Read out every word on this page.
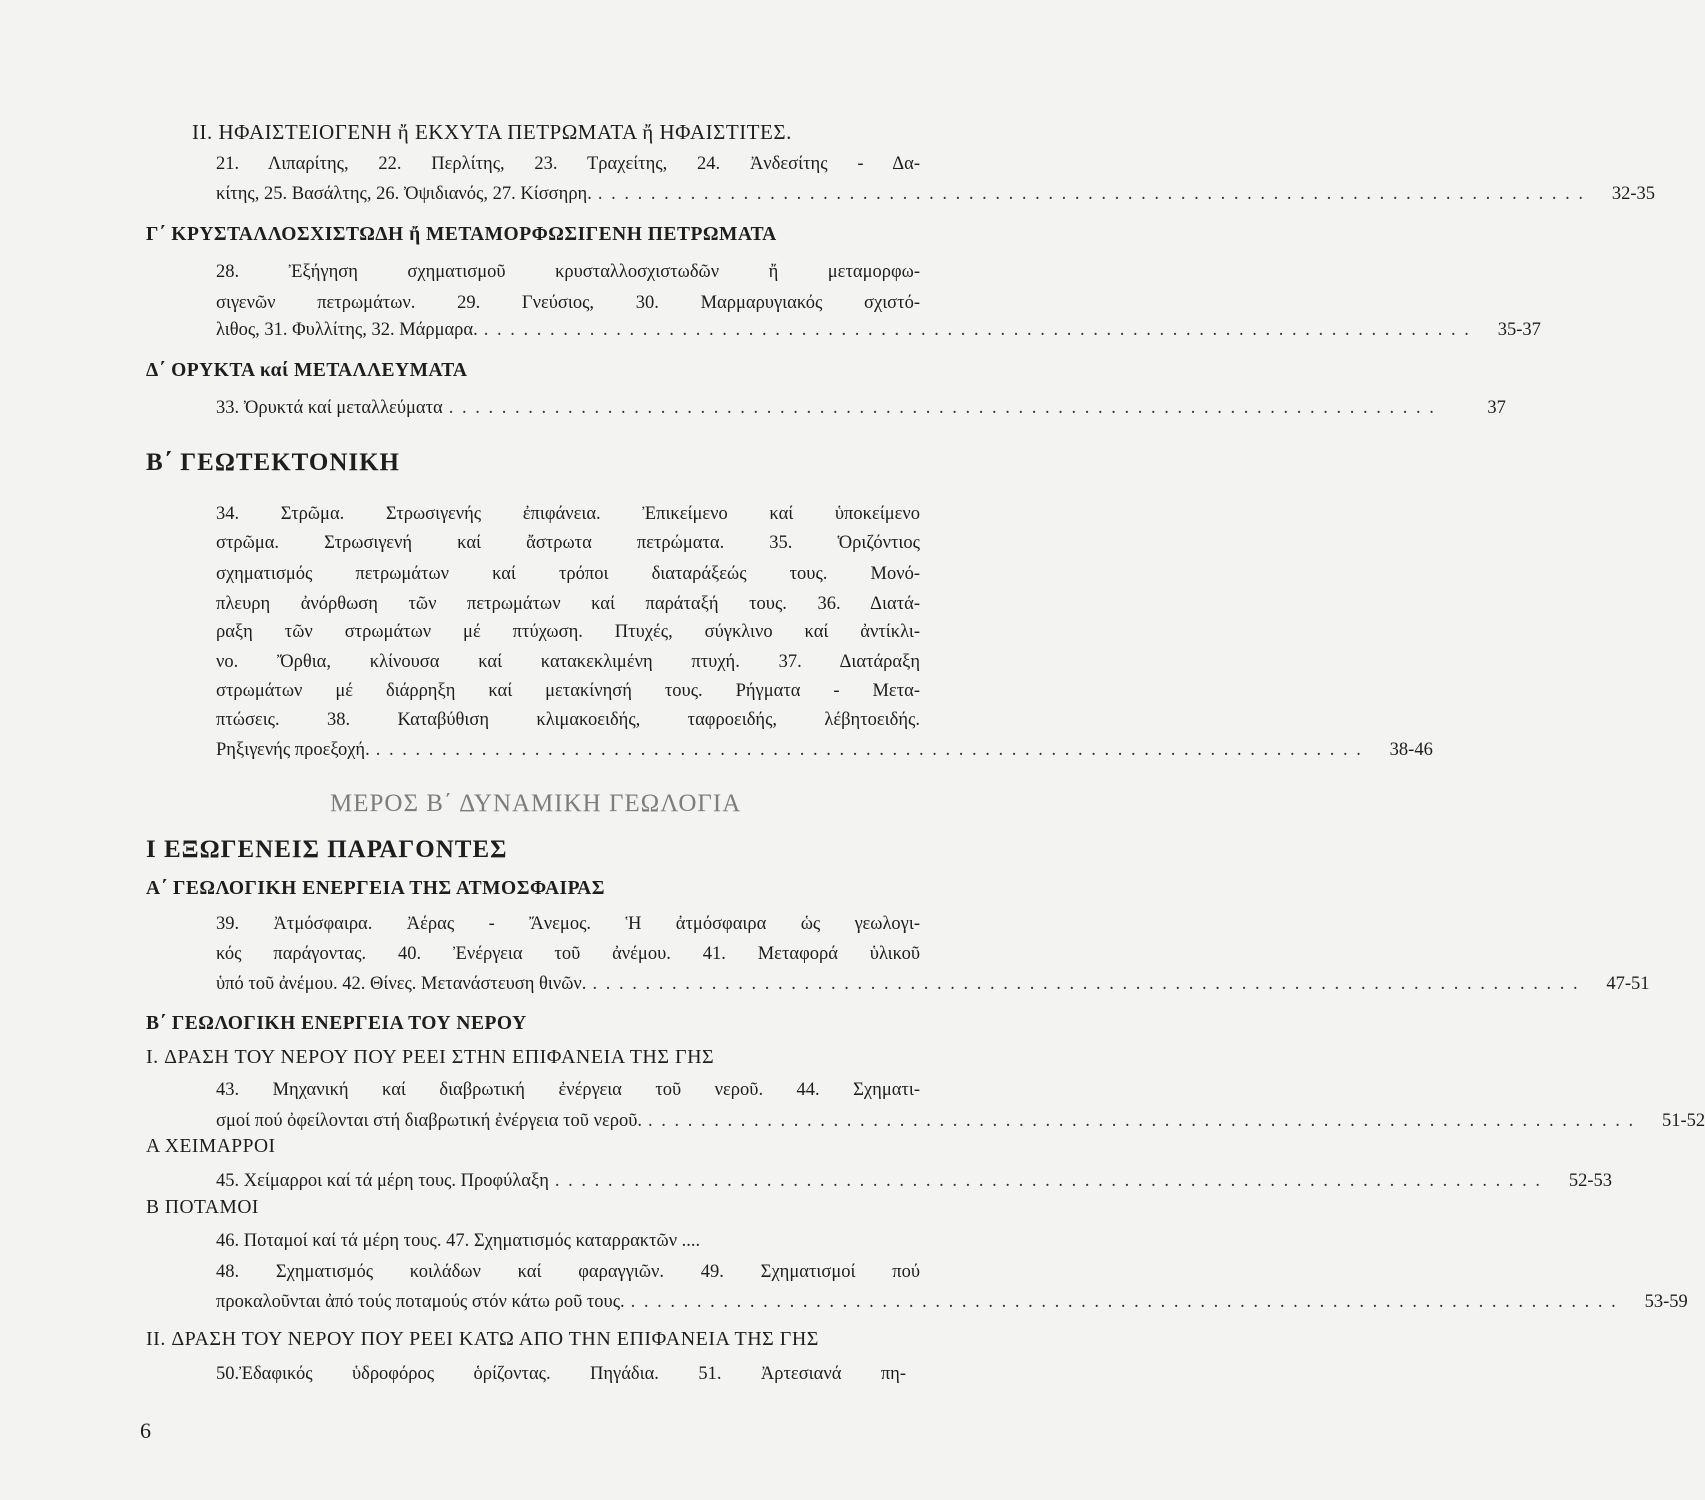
ΜΕΡΟΣ Β΄ ΔΥΝΑΜΙΚΗ ΓΕΩΛΟΓΙΑ
II. ΗΦΑΙΣΤΕΙΟΓΕΝΗ ἤ ΕΚΧΥΤΑ ΠΕΤΡΩΜΑΤΑ ἤ ΗΦΑΙΣΤΙΤΕΣ.
21. Λιπαρίτης, 22. Περλίτης, 23. Τραχείτης, 24. Ἀνδεσίτης - Δα-
κίτης, 25. Βασάλτης, 26. Ὀψιδιανός, 27. Κίσσηρη. . . . . . . . . . . . . . . . . . . . . . . . . . . . . . . . . . . . . . . . . . . . . . . . . . . . . . . . . . . . . . . . . . . . . . . . . . . .	32-35
Γ΄ ΚΡΥΣΤΑΛΛΟΣΧΙΣΤΩΔΗ ἤ ΜΕΤΑΜΟΡΦΩΣΙΓΕΝΗ ΠΕΤΡΩΜΑΤΑ
28. Ἐξήγηση σχηματισμοῦ κρυσταλλοσχιστωδῶν ἤ μεταμορφω-
σιγενῶν πετρωμάτων. 29. Γνεύσιος, 30. Μαρμαρυγιακός σχιστό-
λιθος, 31. Φυλλίτης, 32. Μάρμαρα. . . . . . . . . . . . . . . . . . . . . . . . . . . . . . . . . . . . . . . . . . . . . . . . . . . . . . . . . . . . . . . . . . . . . . . . . . . .	35-37
Δ΄ ΟΡΥΚΤΑ καί ΜΕΤΑΛΛΕΥΜΑΤΑ
33. Ὀρυκτά καί μεταλλεύματα . . . . . . . . . . . . . . . . . . . . . . . . . . . . . . . . . . . . . . . . . . . . . . . . . . . . . . . . . . . . . . . . . . . . . . . . . . .	37
Β΄ ΓΕΩΤΕΚΤΟΝΙΚΗ
34. Στρῶμα. Στρωσιγενής ἐπιφάνεια. Ἐπικείμενο καί ὑποκείμενο
στρῶμα. Στρωσιγενή καί ἄστρωτα πετρώματα. 35. Ὁριζόντιος
σχηματισμός πετρωμάτων καί τρόποι διαταράξεώς τους. Μονό-
πλευρη ἀνόρθωση τῶν πετρωμάτων καί παράταξή τους. 36. Διατά-
ραξη τῶν στρωμάτων μέ πτύχωση. Πτυχές, σύγκλινο καί ἀντίκλι-
νο. Ὄρθια, κλίνουσα καί κατακεκλιμένη πτυχή. 37. Διατάραξη
στρωμάτων μέ διάρρηξη καί μετακίνησή τους. Ρήγματα - Μετα-
πτώσεις. 38. Καταβύθιση κλιμακοειδής, ταφροειδής, λέβητοειδής.
Ρηξιγενής προεξοχή. . . . . . . . . . . . . . . . . . . . . . . . . . . . . . . . . . . . . . . . . . . . . . . . . . . . . . . . . . . . . . . . . . . . . . . . . . . .	38-46
I ΕΞΩΓΕΝΕΙΣ ΠΑΡΑΓΟΝΤΕΣ
Α΄ ΓΕΩΛΟΓΙΚΗ ΕΝΕΡΓΕΙΑ ΤΗΣ ΑΤΜΟΣΦΑΙΡΑΣ
39. Ἀτμόσφαιρα. Ἀέρας - Ἄνεμος. Ἡ ἀτμόσφαιρα ὡς γεωλογι-
κός παράγοντας. 40. Ἐνέργεια τοῦ ἀνέμου. 41. Μεταφορά ὑλικοῦ
ὑπό τοῦ ἀνέμου. 42. Θίνες. Μετανάστευση θινῶν. . . . . . . . . . . . . . . . . . . . . . . . . . . . . . . . . . . . . . . . . . . . . . . . . . . . . . . . . . . . . . . . . . . . . . . . . . . .	47-51
Β΄ ΓΕΩΛΟΓΙΚΗ ΕΝΕΡΓΕΙΑ ΤΟΥ ΝΕΡΟΥ
I. ΔΡΑΣΗ ΤΟΥ ΝΕΡΟΥ ΠΟΥ ΡΕΕΙ ΣΤΗΝ ΕΠΙΦΑΝΕΙΑ ΤΗΣ ΓΗΣ
43. Μηχανική καί διαβρωτική ἐνέργεια τοῦ νεροῦ. 44. Σχηματι-
σμοί πού ὀφείλονται στή διαβρωτική ἐνέργεια τοῦ νεροῦ. . . . . . . . . . . . . . . . . . . . . . . . . . . . . . . . . . . . . . . . . . . . . . . . . . . . . . . . . . . . . . . . . . . . . . . . . . . .	51-52
Α ΧΕΙΜΑΡΡΟΙ
45. Χείμαρροι καί τά μέρη τους. Προφύλαξη . . . . . . . . . . . . . . . . . . . . . . . . . . . . . . . . . . . . . . . . . . . . . . . . . . . . . . . . . . . . . . . . . . . . . . . . . . .	52-53
Β ΠΟΤΑΜΟΙ
46. Ποταμοί καί τά μέρη τους. 47. Σχηματισμός καταρρακτῶν ....
48. Σχηματισμός κοιλάδων καί φαραγγιῶν. 49. Σχηματισμοί πού
προκαλοῦνται ἀπό τούς ποταμούς στόν κάτω ροῦ τους. . . . . . . . . . . . . . . . . . . . . . . . . . . . . . . . . . . . . . . . . . . . . . . . . . . . . . . . . . . . . . . . . . . . . . . . . . . .	53-59
II. ΔΡΑΣΗ ΤΟΥ ΝΕΡΟΥ ΠΟΥ ΡΕΕΙ ΚΑΤΩ ΑΠΟ ΤΗΝ ΕΠΙΦΑΝΕΙΑ ΤΗΣ ΓΗΣ
50.Ἐδαφικός ὑδροφόρος ὁρίζοντας. Πηγάδια. 51. Ἀρτεσιανά πη-
6
